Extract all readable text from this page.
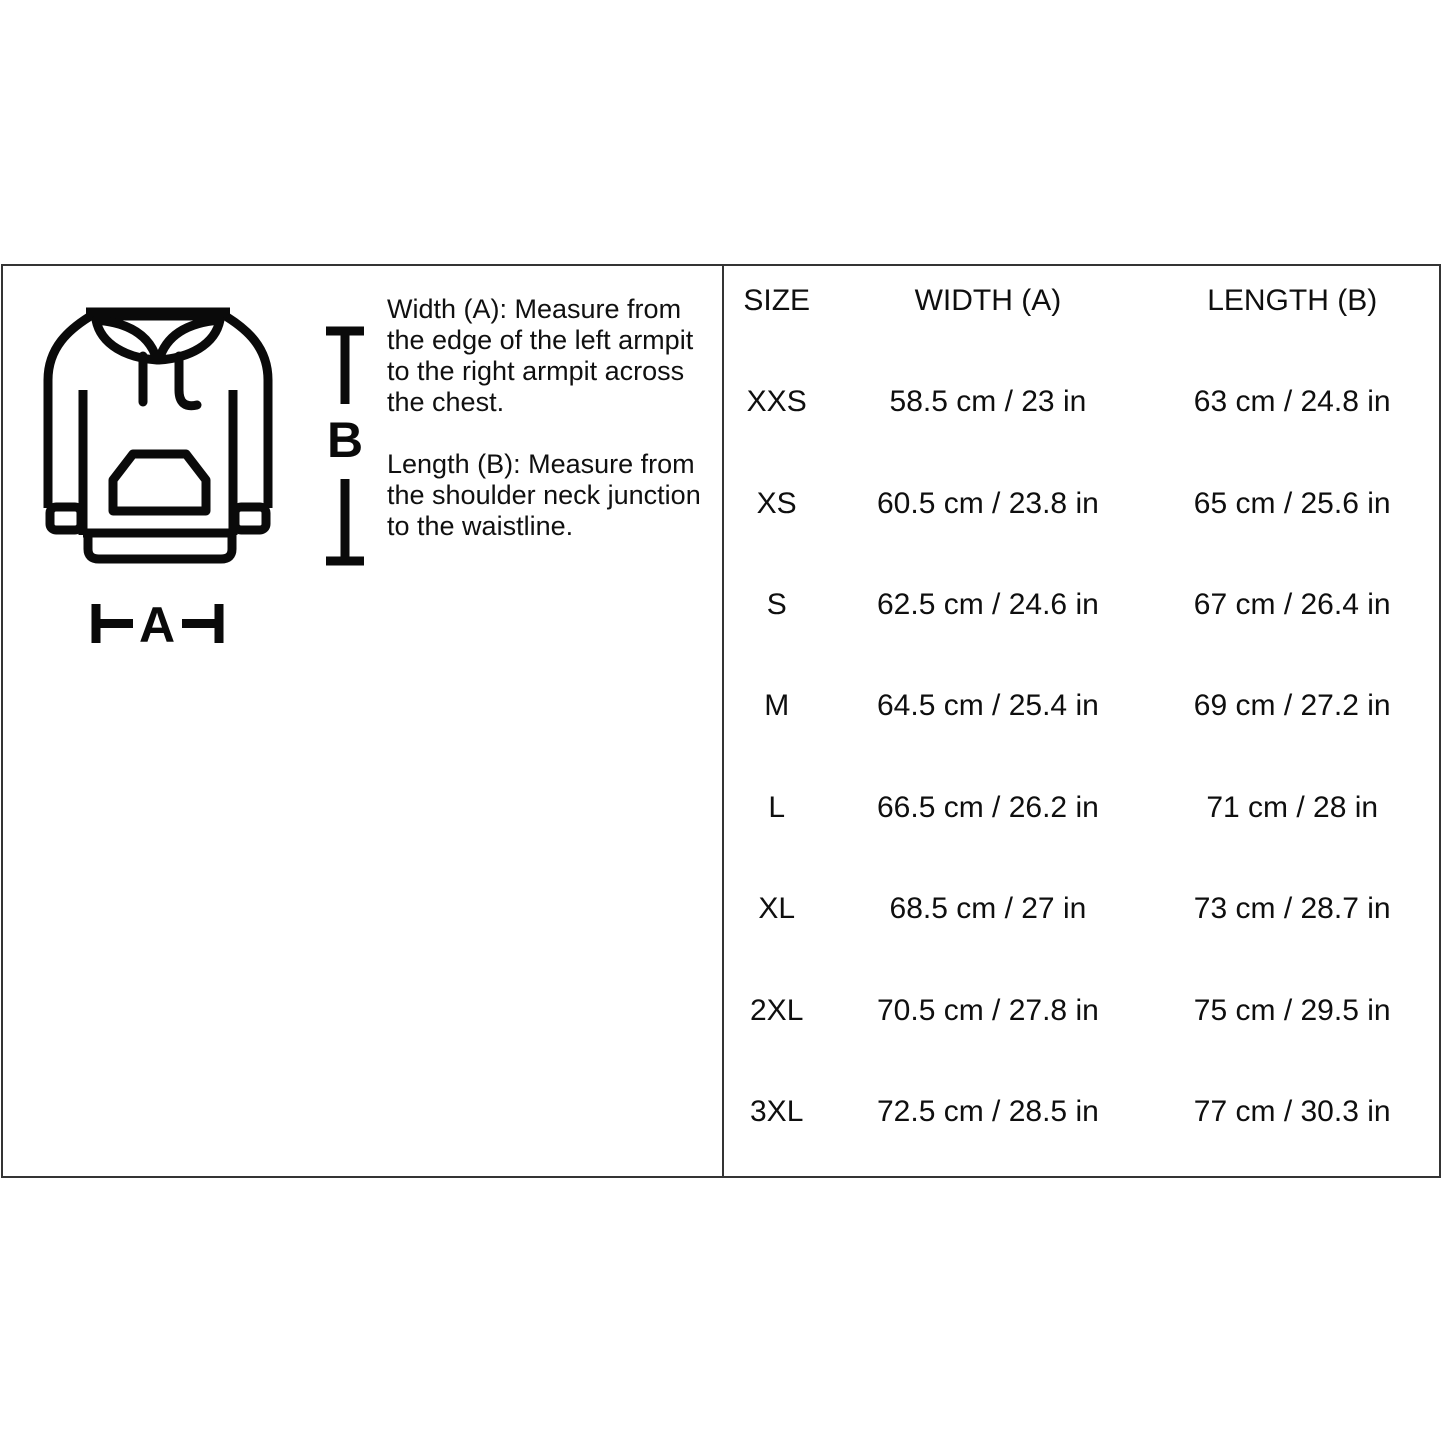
B
A

Width (A): Measure from the edge of the left armpit to the right armpit across the chest.

Length (B): Measure from the shoulder neck junction to the waistline.

SIZE	WIDTH (A)	LENGTH (B)
XXS	58.5 cm / 23 in	63 cm / 24.8 in
XS	60.5 cm / 23.8 in	65 cm / 25.6 in
S	62.5 cm / 24.6 in	67 cm / 26.4 in
M	64.5 cm / 25.4 in	69 cm / 27.2 in
L	66.5 cm / 26.2 in	71 cm / 28 in
XL	68.5 cm / 27 in	73 cm / 28.7 in
2XL	70.5 cm / 27.8 in	75 cm / 29.5 in
3XL	72.5 cm / 28.5 in	77 cm / 30.3 in
